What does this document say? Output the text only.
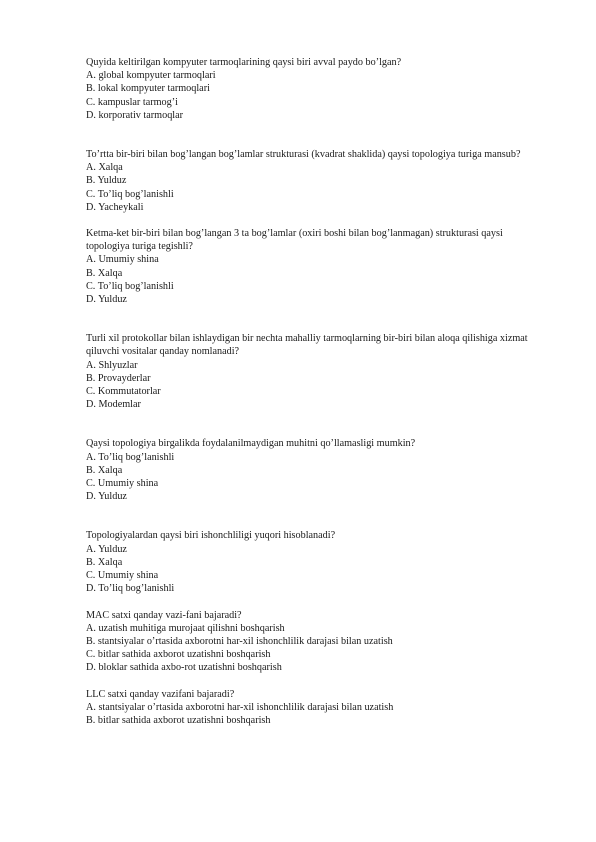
Quyida keltirilgan kompyuter tarmoqlarining qaysi biri avval paydo bo’lgan?

A. global kompyuter tarmoqlari

B. lokal kompyuter tarmoqlari

C. kampuslar tarmog’i

D. korporativ tarmoqlar

To’rtta bir-biri bilan bog’langan bog’lamlar strukturasi (kvadrat shaklida) qaysi topologiya turiga mansub?

A. Xalqa

B. Yulduz

C. To’liq bog’lanishli

D. Yacheykali

Ketma-ket bir-biri bilan bog’langan 3 ta bog’lamlar (oxiri boshi bilan bog’lanmagan) strukturasi qaysi topologiya turiga tegishli?

A. Umumiy shina

B. Xalqa

C. To’liq bog’lanishli

D. Yulduz

Turli xil protokollar bilan ishlaydigan bir nechta mahalliy tarmoqlarning bir-biri bilan aloqa qilishiga xizmat qiluvchi vositalar qanday nomlanadi?

A. Shlyuzlar

B. Provayderlar

C. Kommutatorlar

D. Modemlar

Qaysi topologiya birgalikda foydalanilmaydigan muhitni qo’llamasligi mumkin?

A. To’liq bog’lanishli

B. Xalqa

C. Umumiy shina

D. Yulduz

Topologiyalardan qaysi biri ishonchliligi yuqori hisoblanadi?

A. Yulduz

B. Xalqa

C. Umumiy shina

D. To’liq bog’lanishli

MAC satxi qanday vazi-fani bajaradi?

A. uzatish muhitiga murojaat qilishni boshqarish

B. stantsiyalar o’rtasida axborotni har-xil ishonchlilik darajasi bilan uzatish

C. bitlar sathida axborot uzatishni boshqarish

D. bloklar sathida axbo-rot uzatishni boshqarish

LLC satxi qanday vazifani bajaradi?

A. stantsiyalar o’rtasida axborotni har-xil ishonchlilik darajasi bilan uzatish

B. bitlar sathida axborot uzatishni boshqarish
